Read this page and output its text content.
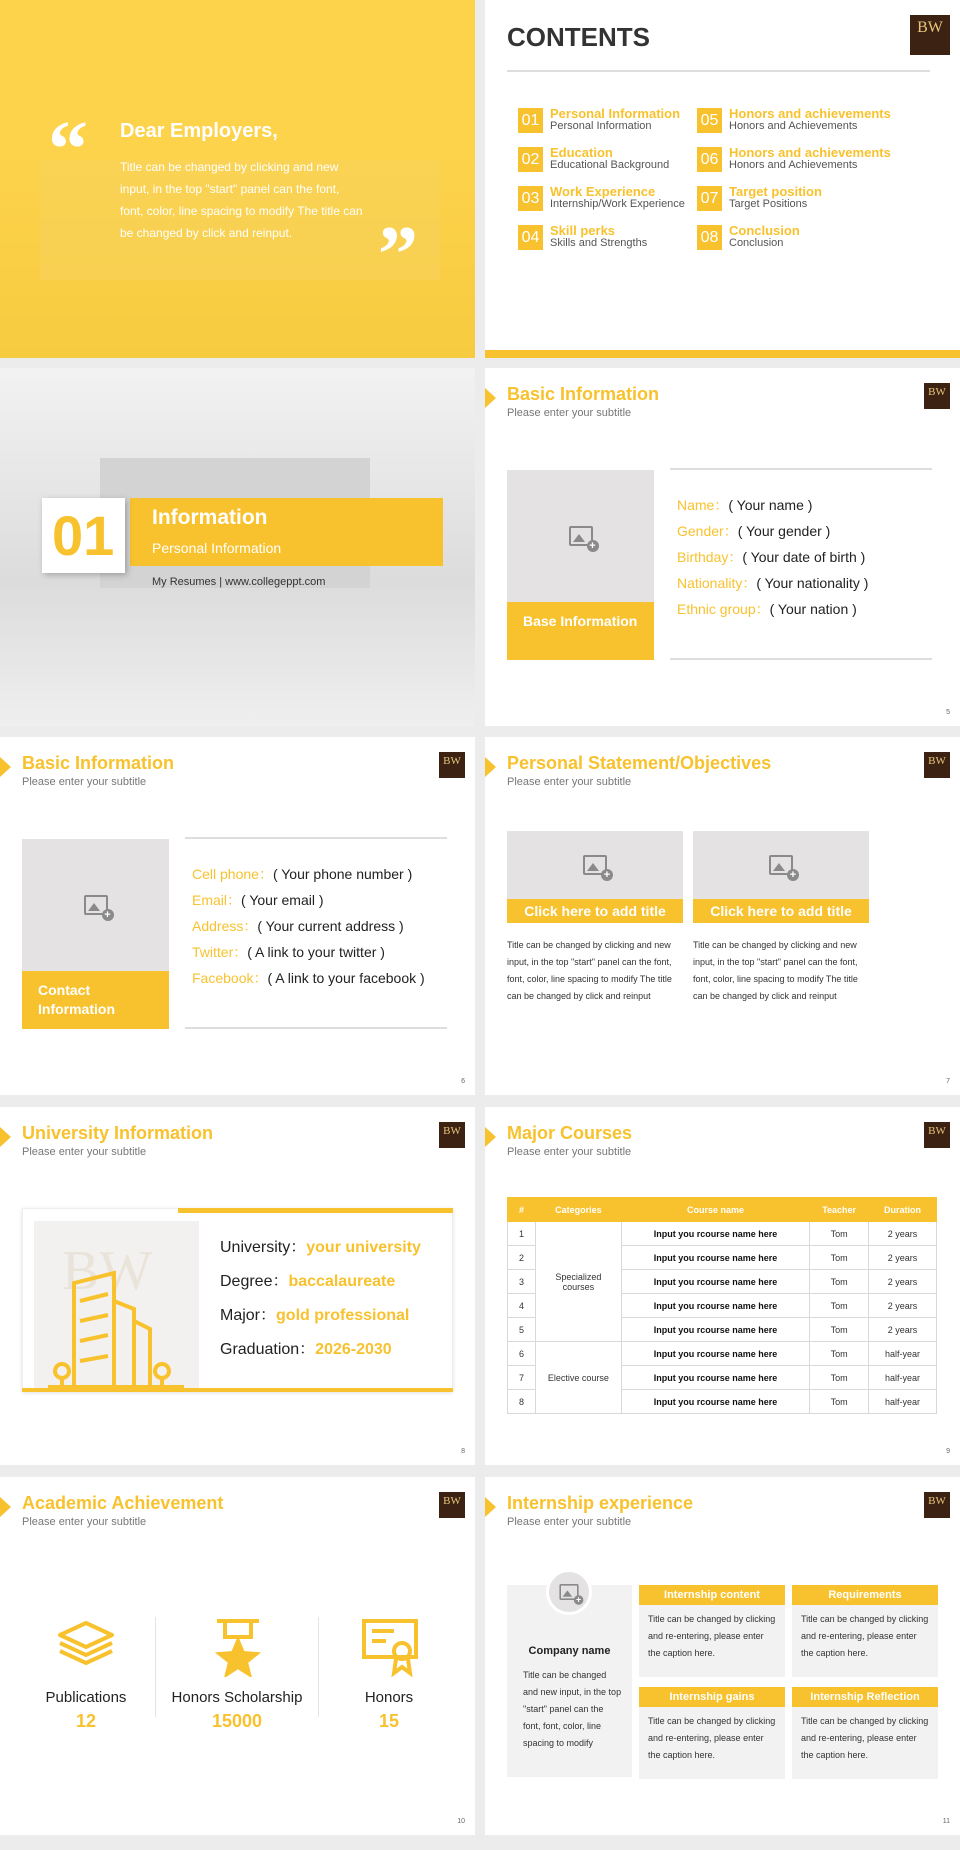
“ Dear Employers,
Title can be changed by clicking and new input, in the top "start" panel can the font, font, color, line spacing to modify The title can be changed by click and reinput.	”
CONTENTS	BW

01 Personal Information
Personal Information
02 Education
Educational Background
03 Work Experience
Internship/Work Experience
04 Skill perks
Skills and Strengths
05 Honors and achievements
Honors and Achievements
06 Honors and achievements
Honors and Achievements
07 Target position
Target Positions
08 Conclusion
Conclusion
01 Information
Personal Information
My Resumes | www.collegeppt.com
Basic Information
Please enter your subtitle
BW

+
Base Information
Name：( Your name )
Gender：( Your gender )
Birthday：( Your date of birth )
Nationality：( Your nationality )
Ethnic group：( Your nation )
5
Basic Information
Please enter your subtitle
BW

+
Contact Information
Cell phone：( Your phone number )
Email：( Your email )
Address：( Your current address )
Twitter：( A link to your twitter )
Facebook：( A link to your facebook )
6
Personal Statement/Objectives
Please enter your subtitle
BW

+
Click here to add title
Title can be changed by clicking and new input, in the top "start" panel can the font, font, color, line spacing to modify The title can be changed by click and reinput
+
Click here to add title
Title can be changed by clicking and new input, in the top "start" panel can the font, font, color, line spacing to modify The title can be changed by click and reinput
7
University Information
Please enter your subtitle
BW

BW	University：your university
Degree：baccalaureate
Major：gold professional
Graduation：2026-2030
8
Major Courses
Please enter your subtitle
BW

#	Categories	Course name	Teacher	Duration
1	Specialized courses	Input you rcourse name here	Tom	2 years
2		Input you rcourse name here	Tom	2 years
3		Input you rcourse name here	Tom	2 years
4		Input you rcourse name here	Tom	2 years
5		Input you rcourse name here	Tom	2 years
6	Elective course	Input you rcourse name here	Tom	half-year
7		Input you rcourse name here	Tom	half-year
8		Input you rcourse name here	Tom	half-year
9
Academic Achievement
Please enter your subtitle
BW

Publications
12
Honors Scholarship
15000
Honors
15
10
Internship experience
Please enter your subtitle
BW

+
Company name
Title can be changed and new input, in the top "start" panel can the font, font, color, line spacing to modify
Internship content
Title can be changed by clicking and re-entering, please enter the caption here.
Requirements
Title can be changed by clicking and re-entering, please enter the caption here.
Internship gains
Title can be changed by clicking and re-entering, please enter the caption here.
Internship Reflection
Title can be changed by clicking and re-entering, please enter the caption here.
11
